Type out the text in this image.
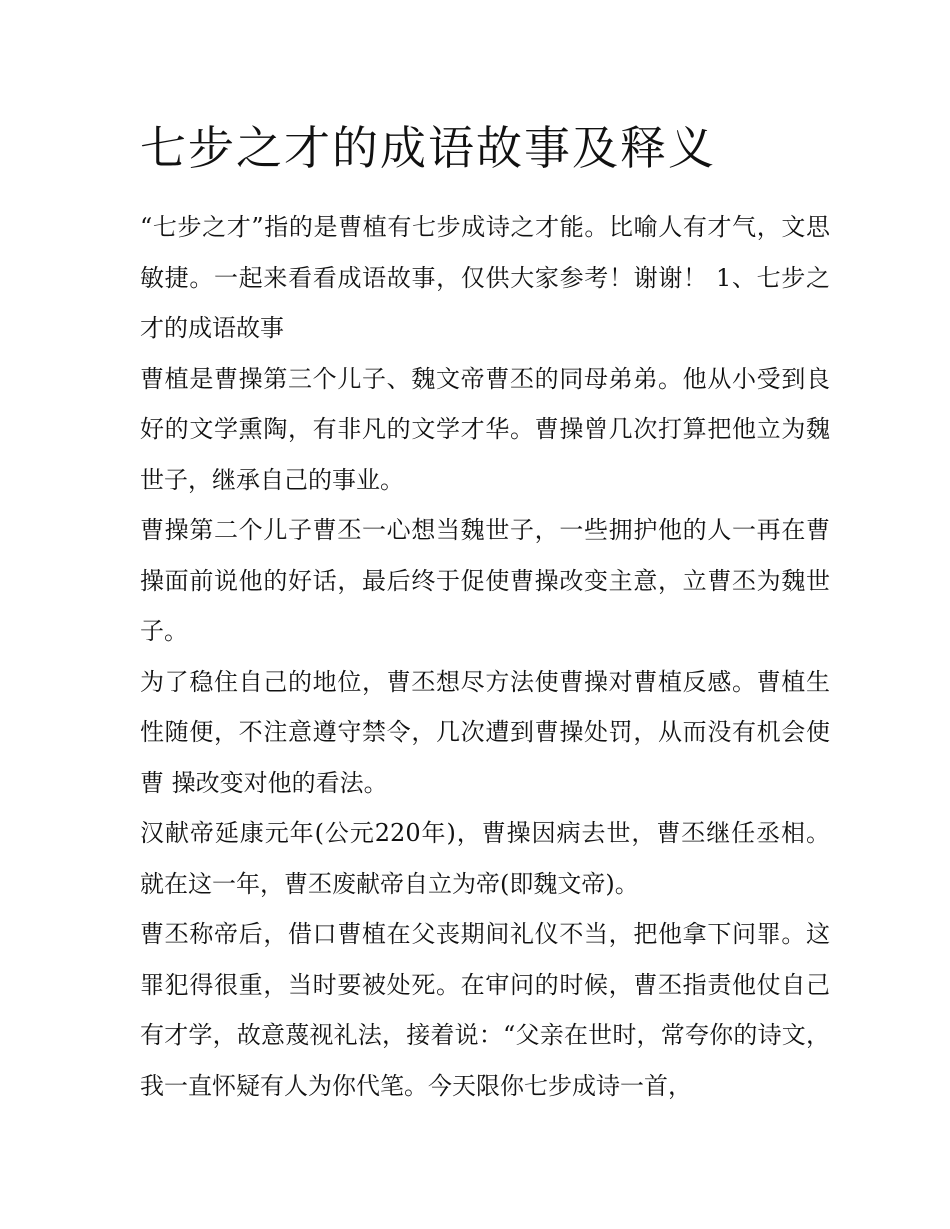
七步之才的成语故事及释义

“七步之才”指的是曹植有七步成诗之才能。比喻人有才气，文思敏捷。一起来看看成语故事，仅供大家参考！谢谢！ 1、七步之才的成语故事

曹植是曹操第三个儿子、魏文帝曹丕的同母弟弟。他从小受到良好的文学熏陶，有非凡的文学才华。曹操曾几次打算把他立为魏世子，继承自己的事业。

曹操第二个儿子曹丕一心想当魏世子，一些拥护他的人一再在曹操面前说他的好话，最后终于促使曹操改变主意，立曹丕为魏世子。

为了稳住自己的地位，曹丕想尽方法使曹操对曹植反感。曹植生性随便，不注意遵守禁令，几次遭到曹操处罚，从而没有机会使曹 操改变对他的看法。

汉献帝延康元年(公元220年)，曹操因病去世，曹丕继任丞相。 就在这一年，曹丕废献帝自立为帝(即魏文帝)。

曹丕称帝后，借口曹植在父丧期间礼仪不当，把他拿下问罪。这罪犯得很重，当时要被处死。在审问的时候，曹丕指责他仗自己有才学，故意蔑视礼法，接着说：“父亲在世时，常夸你的诗文，我一直怀疑有人为你代笔。今天限你七步成诗一首，
